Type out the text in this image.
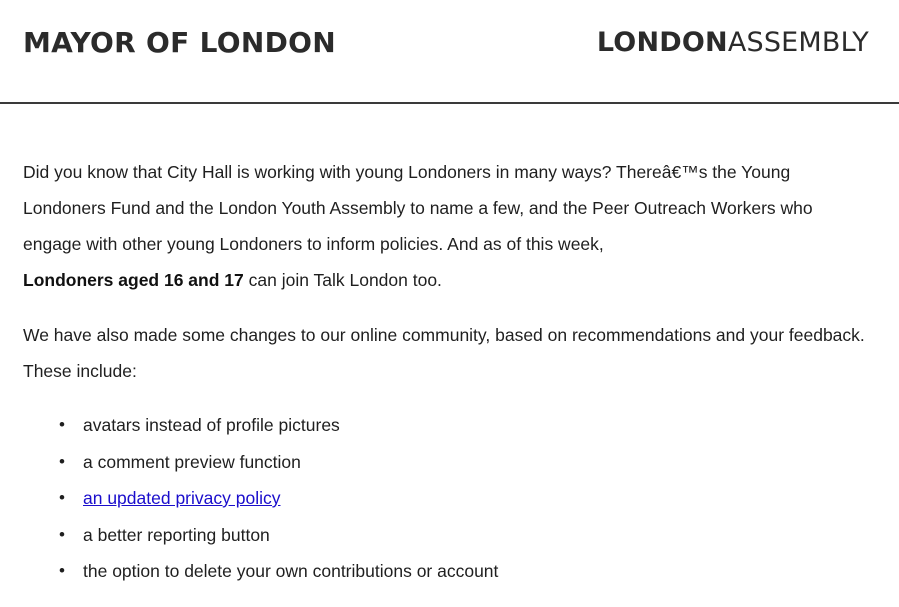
MAYOR OF LONDON	LONDONASSEMBLY

Did you know that City Hall is working with young Londoners in many ways? Thereâ€™s the Young Londoners Fund and the London Youth Assembly to name a few, and the Peer Outreach Workers who engage with other young Londoners to inform policies. And as of this week,
Londoners aged 16 and 17 can join Talk London too.

We have also made some changes to our online community, based on recommendations and your feedback. These include:

• avatars instead of profile pictures
• a comment preview function
• an updated privacy policy
• a better reporting button
• the option to delete your own contributions or account
